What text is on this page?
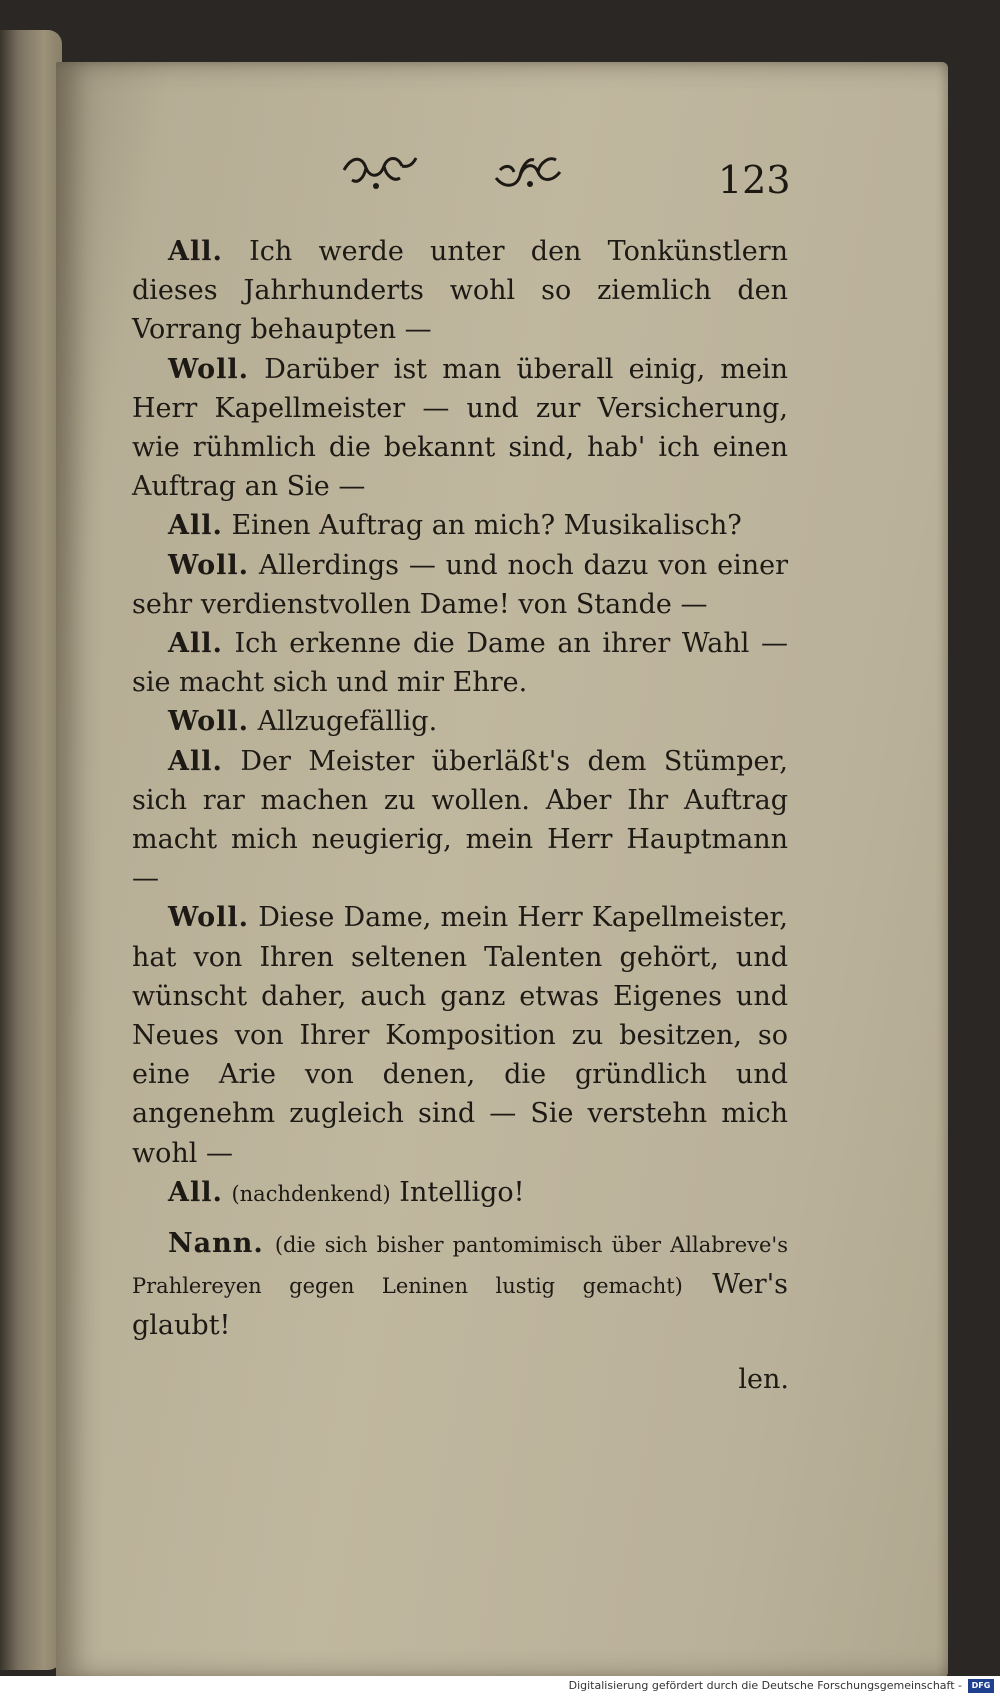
123

All. Ich werde unter den Tonkünstlern dieses Jahrhunderts wohl so ziemlich den Vorrang behaupten —

Woll. Darüber ist man überall einig, mein Herr Kapellmeister — und zur Versicherung, wie rühmlich die bekannt sind, hab' ich einen Auftrag an Sie —

All. Einen Auftrag an mich? Musikalisch?

Woll. Allerdings — und noch dazu von einer sehr verdienstvollen Dame! von Stande —

All. Ich erkenne die Dame an ihrer Wahl — sie macht sich und mir Ehre.

Woll. Allzugefällig.

All. Der Meister überläßt's dem Stümper, sich rar machen zu wollen. Aber Ihr Auftrag macht mich neugierig, mein Herr Hauptmann —

Woll. Diese Dame, mein Herr Kapellmeister, hat von Ihren seltenen Talenten gehört, und wünscht daher, auch ganz etwas Eigenes und Neues von Ihrer Komposition zu besitzen, so eine Arie von denen, die gründlich und angenehm zugleich sind — Sie verstehn mich wohl —

All. (nachdenkend) Intelligo!

Nann. (die sich bisher pantomimisch über Allabreve's Prahlereyen gegen Leninen lustig gemacht) Wer's glaubt!

len.
Digitalisierung gefördert durch die Deutsche Forschungsgemeinschaft -	DFG
